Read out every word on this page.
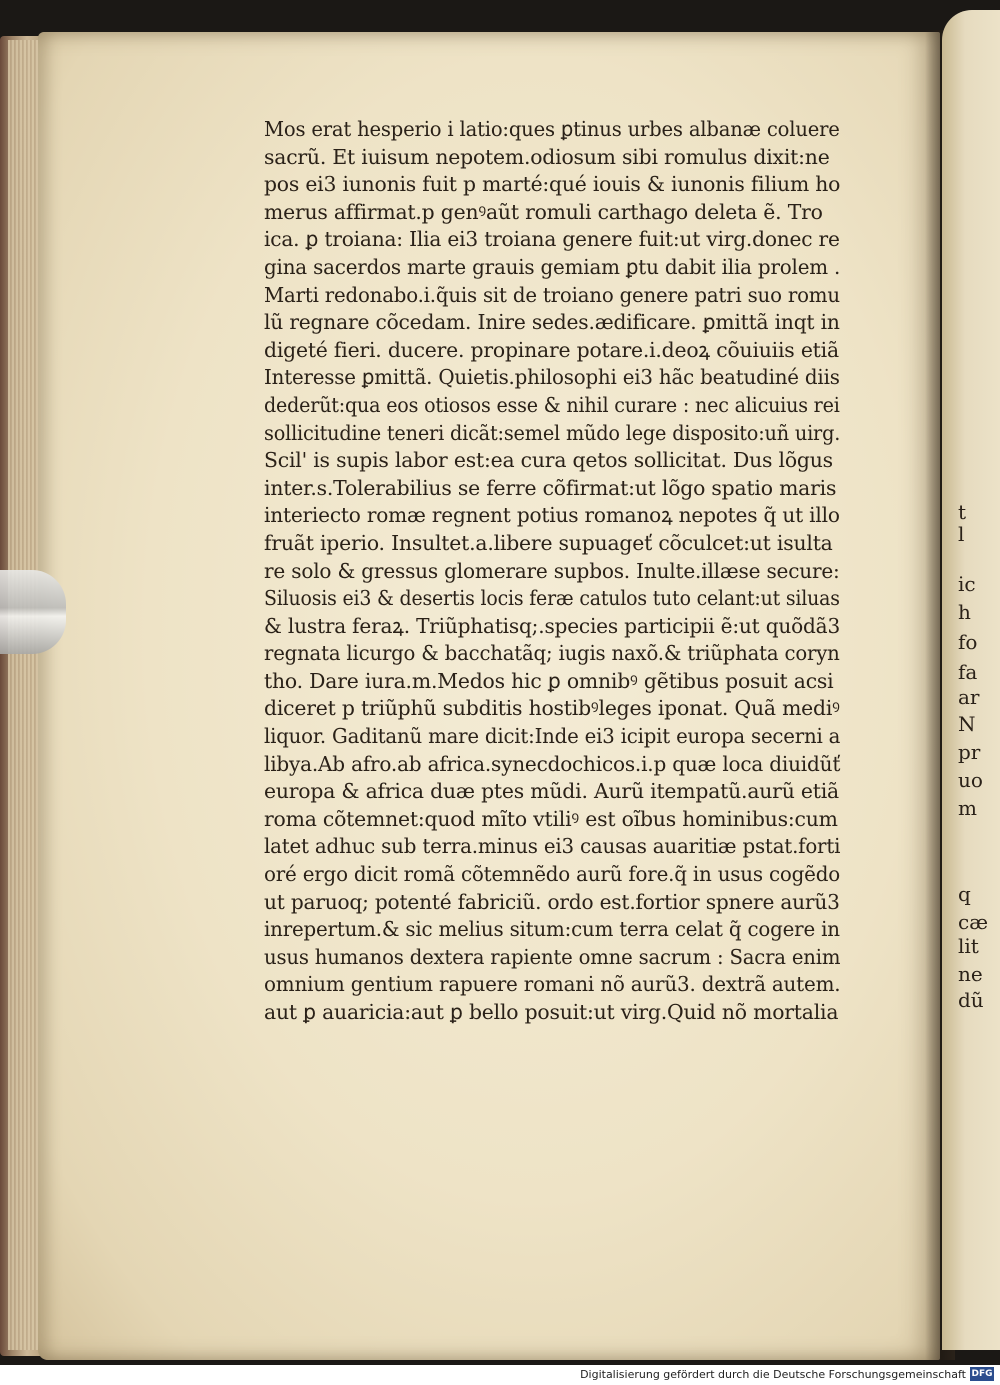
Mos erat hesperio i latio:ques ꝑtinus urbes albanæ coluere
sacrũ. Et iuisum nepotem.odiosum sibi romulus dixit:ne
pos ei3 iunonis fuit p marté:qué iouis & iunonis filium ho
merus affirmat.p genꝰaũt romuli carthago deleta ẽ. Tro
ica. ꝑ troiana: Ilia ei3 troiana genere fuit:ut virg.donec re
gina sacerdos marte grauis gemiam ꝑtu dabit ilia prolem .
Marti redonabo.i.q̃uis sit de troiano genere patri suo romu
lũ regnare cõcedam. Inire sedes.ædificare. ꝑmittã inqt in
digeté fieri. ducere. propinare potare.i.deoꝝ cõuiuiis etiã
Interesse ꝑmittã. Quietis.philosophi ei3 hãc beatudiné diis
dederũt:qua eos otiosos esse & nihil curare : nec alicuius rei
sollicitudine teneri dicãt:semel mũdo lege disposito:uñ uirg.
Scil' is supis labor est:ea cura qetos sollicitat. Dus lõgus
inter.s.Tolerabilius se ferre cõfirmat:ut lõgo spatio maris
interiecto romæ regnent potius romanoꝝ nepotes q̃ ut illo
fruãt iperio. Insultet.a.libere supuageť cõculcet:ut isulta
re solo & gressus glomerare supbos. Inulte.illæse secure:
Siluosis ei3 & desertis locis feræ catulos tuto celant:ut siluas
& lustra feraꝝ. Triũphatisq;.species participii ẽ:ut quõdã3
regnata licurgo & bacchatãq; iugis naxõ.& triũphata coryn
tho. Dare iura.m.Medos hic ꝑ omnibꝰ gẽtibus posuit acsi
diceret p triũphũ subditis hostibꝰleges iponat. Quã mediꝰ
liquor. Gaditanũ mare dicit:Inde ei3 icipit europa secerni a
libya.Ab afro.ab africa.synecdochicos.i.p quæ loca diuidũť
europa & africa duæ ptes mũdi. Aurũ itempatũ.aurũ etiã
roma cõtemnet:quod mĩto vtiliꝰ est oĩbus hominibus:cum
latet adhuc sub terra.minus ei3 causas auaritiæ pstat.forti
oré ergo dicit romã cõtemnẽdo aurũ fore.q̃ in usus cogẽdo
ut paruoq; potenté fabriciũ. ordo est.fortior spnere aurũ3
inrepertum.& sic melius situm:cum terra celat q̃ cogere in
usus humanos dextera rapiente omne sacrum : Sacra enim
omnium gentium rapuere romani nõ aurũ3. dextrã autem.
aut ꝑ auaricia:aut ꝑ bello posuit:ut virg.Quid nõ mortalia
t
l
ic
h
fo
fa
ar
N
pr
uo
m
q
cæ
lit
ne
dũ
Digitalisierung gefördert durch die Deutsche Forschungsgemeinschaft DFG
